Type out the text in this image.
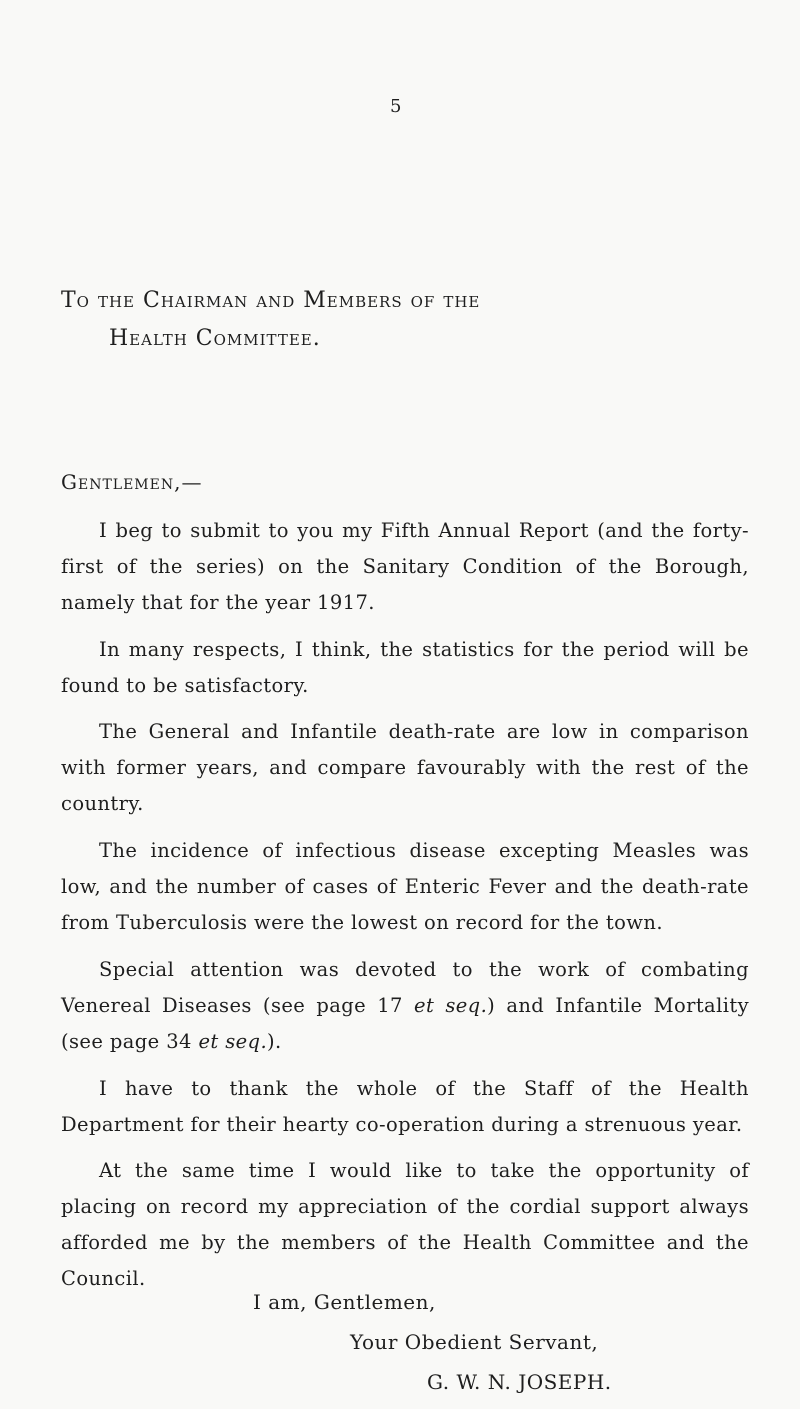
5
To the Chairman and Members of the
Health Committee.
Gentlemen,—

I beg to submit to you my Fifth Annual Report (and the forty-first of the series) on the Sanitary Condition of the Borough, namely that for the year 1917.

In many respects, I think, the statistics for the period will be found to be satisfactory.

The General and Infantile death-rate are low in comparison with former years, and compare favourably with the rest of the country.

The incidence of infectious disease excepting Measles was low, and the number of cases of Enteric Fever and the death-rate from Tuberculosis were the lowest on record for the town.

Special attention was devoted to the work of combating Venereal Diseases (see page 17 et seq.) and Infantile Mortality (see page 34 et seq.).

I have to thank the whole of the Staff of the Health Department for their hearty co-operation during a strenuous year.

At the same time I would like to take the opportunity of placing on record my appreciation of the cordial support always afforded me by the members of the Health Committee and the Council.

I am, Gentlemen,
Your Obedient Servant,
G. W. N. JOSEPH.
